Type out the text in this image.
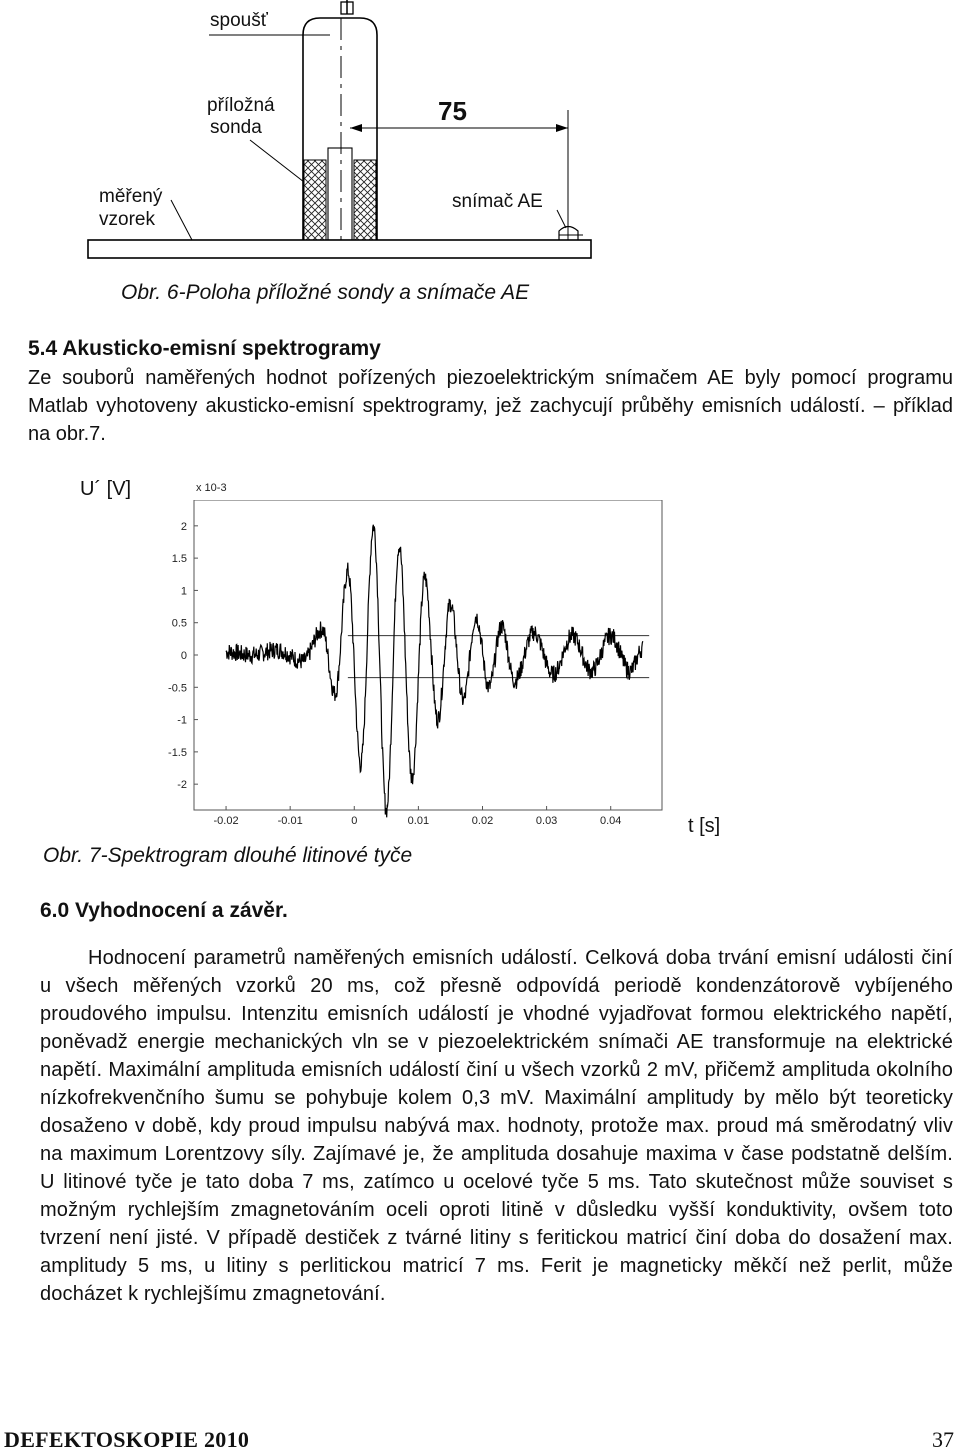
spoušť
příložná
sonda
měřený
vzorek
75
snímač AE
Obr. 6-Poloha příložné sondy a snímače AE
5.4 Akusticko-emisní spektrogramy
Ze souborů naměřených hodnot pořízených piezoelektrickým snímačem AE byly pomocí programu Matlab vyhotoveny akusticko-emisní spektrogramy, jež zachycují průběhy emisních událostí. – příklad na obr.7.
U´ [V]	x 10-3
2
1.5
1
0.5
0
-0.5
-1
-1.5
-2
-0.02	-0.01	0	0.01	0.02	0.03	0.04	t [s]
Obr. 7-Spektrogram dlouhé litinové tyče
6.0 Vyhodnocení a závěr.
Hodnocení parametrů naměřených emisních událostí. Celková doba trvání emisní události činí u všech měřených vzorků 20 ms, což přesně odpovídá periodě kondenzátorově vybíjeného proudového impulsu. Intenzitu emisních událostí je vhodné vyjadřovat formou elektrického napětí, poněvadž energie mechanických vln se v piezoelektrickém snímači AE transformuje na elektrické napětí. Maximální amplituda emisních událostí činí u všech vzorků 2 mV, přičemž amplituda okolního nízkofrekvenčního šumu se pohybuje kolem 0,3 mV. Maximální amplitudy by mělo být teoreticky dosaženo v době, kdy proud impulsu nabývá max. hodnoty, protože max. proud má směrodatný vliv na maximum Lorentzovy síly. Zajímavé je, že amplituda dosahuje maxima v čase podstatně delším. U litinové tyče je tato doba 7 ms, zatímco u ocelové tyče 5 ms. Tato skutečnost může souviset s možným rychlejším zmagnetováním oceli oproti litině v důsledku vyšší konduktivity, ovšem toto tvrzení není jisté. V případě destiček z tvárné litiny s feritickou matricí činí doba do dosažení max. amplitudy 5 ms, u litiny s perlitickou matricí 7 ms. Ferit je magneticky měkčí než perlit, může docházet k rychlejšímu zmagnetování.
DEFEKTOSKOPIE 2010	37
